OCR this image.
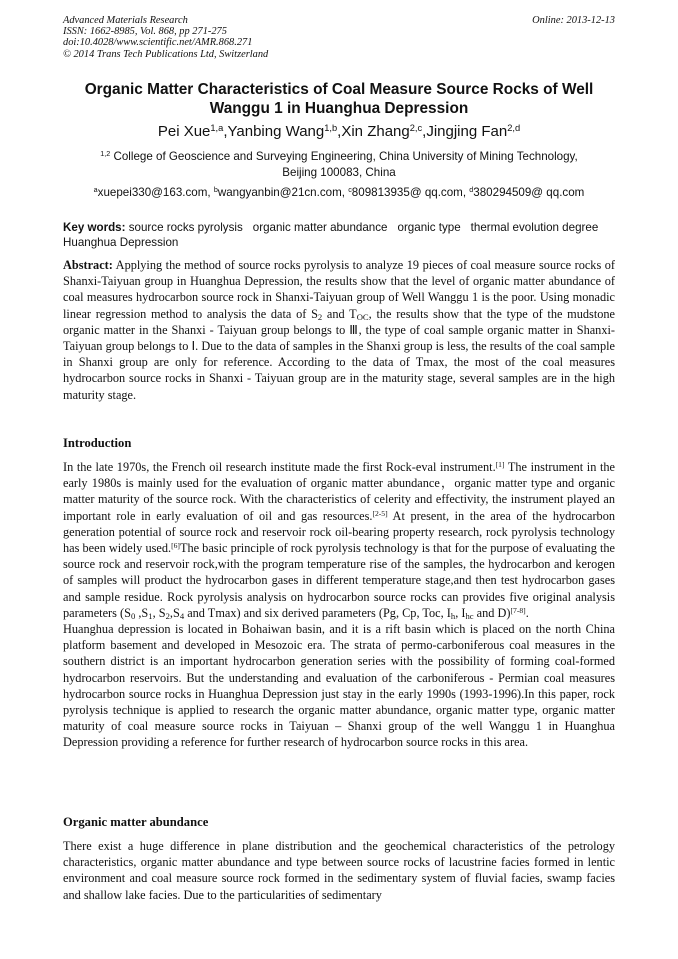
Advanced Materials Research
ISSN: 1662-8985, Vol. 868, pp 271-275
doi:10.4028/www.scientific.net/AMR.868.271
© 2014 Trans Tech Publications Ltd, Switzerland
Online: 2013-12-13
Organic Matter Characteristics of Coal Measure Source Rocks of Well
Wanggu 1 in Huanghua Depression
Pei Xue$^{1,a}$,Yanbing Wang$^{1,b}$,Xin Zhang$^{2,c}$,Jingjing Fan$^{2,d}$
$^{1,2}$ College of Geoscience and Surveying Engineering, China University of Mining Technology,
Beijing 100083, China
$^a$xuepei330@163.com, $^b$wangyanbin@21cn.com, $^c$809813935@ qq.com, $^d$380294509@ qq.com
Key words: source rocks pyrolysis organic matter abundance organic type thermal evolution degreeHuanghua Depression
Abstract: Applying the method of source rocks pyrolysis to analyze 19 pieces of coal measure source rocks of Shanxi-Taiyuan group in Huanghua Depression, the results show that the level of organic matter abundance of coal measures hydrocarbon source rock in Shanxi-Taiyuan group of Well Wanggu 1 is the poor. Using monadic linear regression method to analysis the data of $S_2$ and $T_{OC}$, the results show that the type of the mudstone organic matter in the Shanxi - Taiyuan group belongs to Ⅲ, the type of coal sample organic matter in Shanxi-Taiyuan group belongs to Ⅰ. Due to the data of samples in the Shanxi group is less, the results of the coal sample in Shanxi group are only for reference. According to the data of Tmax, the most of the coal measures hydrocarbon source rocks in Shanxi - Taiyuan group are in the maturity stage, several samples are in the high maturity stage.
Introduction

In the late 1970s, the French oil research institute made the first Rock-eval instrument.[1] The instrument in the early 1980s is mainly used for the evaluation of organic matter abundance，organic matter type and organic matter maturity of the source rock. With the characteristics of celerity and effectivity, the instrument played an important role in early evaluation of oil and gas resources.[2-5] At present, in the area of the hydrocarbon generation potential of source rock and reservoir rock oil-bearing property research, rock pyrolysis technology has been widely used.[6]The basic principle of rock pyrolysis technology is that for the purpose of evaluating the source rock and reservoir rock,with the program temperature rise of the samples, the hydrocarbon and kerogen of samples will product the hydrocarbon gases in different temperature stage,and then test hydrocarbon gases and sample residue. Rock pyrolysis analysis on hydrocarbon source rocks can provides five original analysis parameters ($S_0$ $,S_1$, $S_2,S_4$ and Tmax) and six derived parameters (Pg, Cp, Toc, $I_h$, $I_{hc}$ and D)[7-8].

Huanghua depression is located in Bohaiwan basin, and it is a rift basin which is placed on the north China platform basement and developed in Mesozoic era. The strata of permo-carboniferous coal measures in the southern district is an important hydrocarbon generation series with the possibility of forming coal-formed hydrocarbon reservoirs. But the understanding and evaluation of the carboniferous - Permian coal measures hydrocarbon source rocks in Huanghua Depression just stay in the early 1990s (1993-1996).In this paper, rock pyrolysis technique is applied to research the organic matter abundance, organic matter type, organic matter maturity of coal measure source rocks in Taiyuan – Shanxi group of the well Wanggu 1 in Huanghua Depression providing a reference for further research of hydrocarbon source rocks in this area.

Organic matter abundance

There exist a huge difference in plane distribution and the geochemical characteristics of the petrology characteristics, organic matter abundance and type between source rocks of lacustrine facies formed in lentic environment and coal measure source rock formed in the sedimentary system of fluvial facies, swamp facies and shallow lake facies. Due to the particularities of sedimentary
